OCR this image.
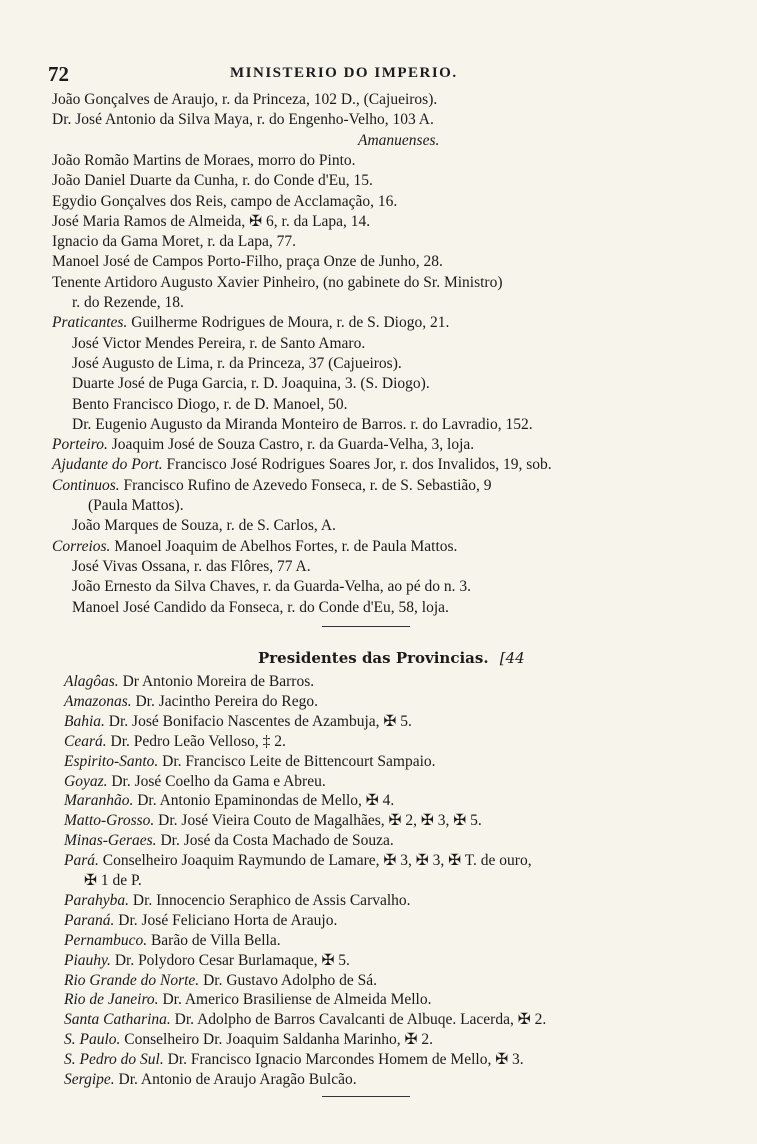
72	MINISTERIO DO IMPERIO.
João Gonçalves de Araujo, r. da Princeza, 102 D., (Cajueiros).
Dr. José Antonio da Silva Maya, r. do Engenho-Velho, 103 A.
Amanuenses.
João Romão Martins de Moraes, morro do Pinto.
João Daniel Duarte da Cunha, r. do Conde d'Eu, 15.
Egydio Gonçalves dos Reis, campo de Acclamação, 16.
José Maria Ramos de Almeida, ✠ 6, r. da Lapa, 14.
Ignacio da Gama Moret, r. da Lapa, 77.
Manoel José de Campos Porto-Filho, praça Onze de Junho, 28.
Tenente Artidoro Augusto Xavier Pinheiro, (no gabinete do Sr. Ministro)
r. do Rezende, 18.
Praticantes. Guilherme Rodrigues de Moura, r. de S. Diogo, 21.
José Victor Mendes Pereira, r. de Santo Amaro.
José Augusto de Lima, r. da Princeza, 37 (Cajueiros).
Duarte José de Puga Garcia, r. D. Joaquina, 3. (S. Diogo).
Bento Francisco Diogo, r. de D. Manoel, 50.
Dr. Eugenio Augusto da Miranda Monteiro de Barros. r. do Lavradio, 152.
Porteiro. Joaquim José de Souza Castro, r. da Guarda-Velha, 3, loja.
Ajudante do Port. Francisco José Rodrigues Soares Jor, r. dos Invalidos, 19, sob.
Continuos. Francisco Rufino de Azevedo Fonseca, r. de S. Sebastião, 9
(Paula Mattos).
João Marques de Souza, r. de S. Carlos, A.
Correios. Manoel Joaquim de Abelhos Fortes, r. de Paula Mattos.
José Vivas Ossana, r. das Flôres, 77 A.
João Ernesto da Silva Chaves, r. da Guarda-Velha, ao pé do n. 3.
Manoel José Candido da Fonseca, r. do Conde d'Eu, 58, loja.
Presidentes das Provincias. [44
Alagôas. Dr Antonio Moreira de Barros.
Amazonas. Dr. Jacintho Pereira do Rego.
Bahia. Dr. José Bonifacio Nascentes de Azambuja, ✠ 5.
Ceará. Dr. Pedro Leão Velloso, ‡ 2.
Espirito-Santo. Dr. Francisco Leite de Bittencourt Sampaio.
Goyaz. Dr. José Coelho da Gama e Abreu.
Maranhão. Dr. Antonio Epaminondas de Mello, ✠ 4.
Matto-Grosso. Dr. José Vieira Couto de Magalhães, ✠ 2, ✠ 3, ✠ 5.
Minas-Geraes. Dr. José da Costa Machado de Souza.
Pará. Conselheiro Joaquim Raymundo de Lamare, ✠ 3, ✠ 3, ✠ T. de ouro,
✠ 1 de P.
Parahyba. Dr. Innocencio Seraphico de Assis Carvalho.
Paraná. Dr. José Feliciano Horta de Araujo.
Pernambuco. Barão de Villa Bella.
Piauhy. Dr. Polydoro Cesar Burlamaque, ✠ 5.
Rio Grande do Norte. Dr. Gustavo Adolpho de Sá.
Rio de Janeiro. Dr. Americo Brasiliense de Almeida Mello.
Santa Catharina. Dr. Adolpho de Barros Cavalcanti de Albuqe. Lacerda, ✠ 2.
S. Paulo. Conselheiro Dr. Joaquim Saldanha Marinho, ✠ 2.
S. Pedro do Sul. Dr. Francisco Ignacio Marcondes Homem de Mello, ✠ 3.
Sergipe. Dr. Antonio de Araujo Aragão Bulcão.
